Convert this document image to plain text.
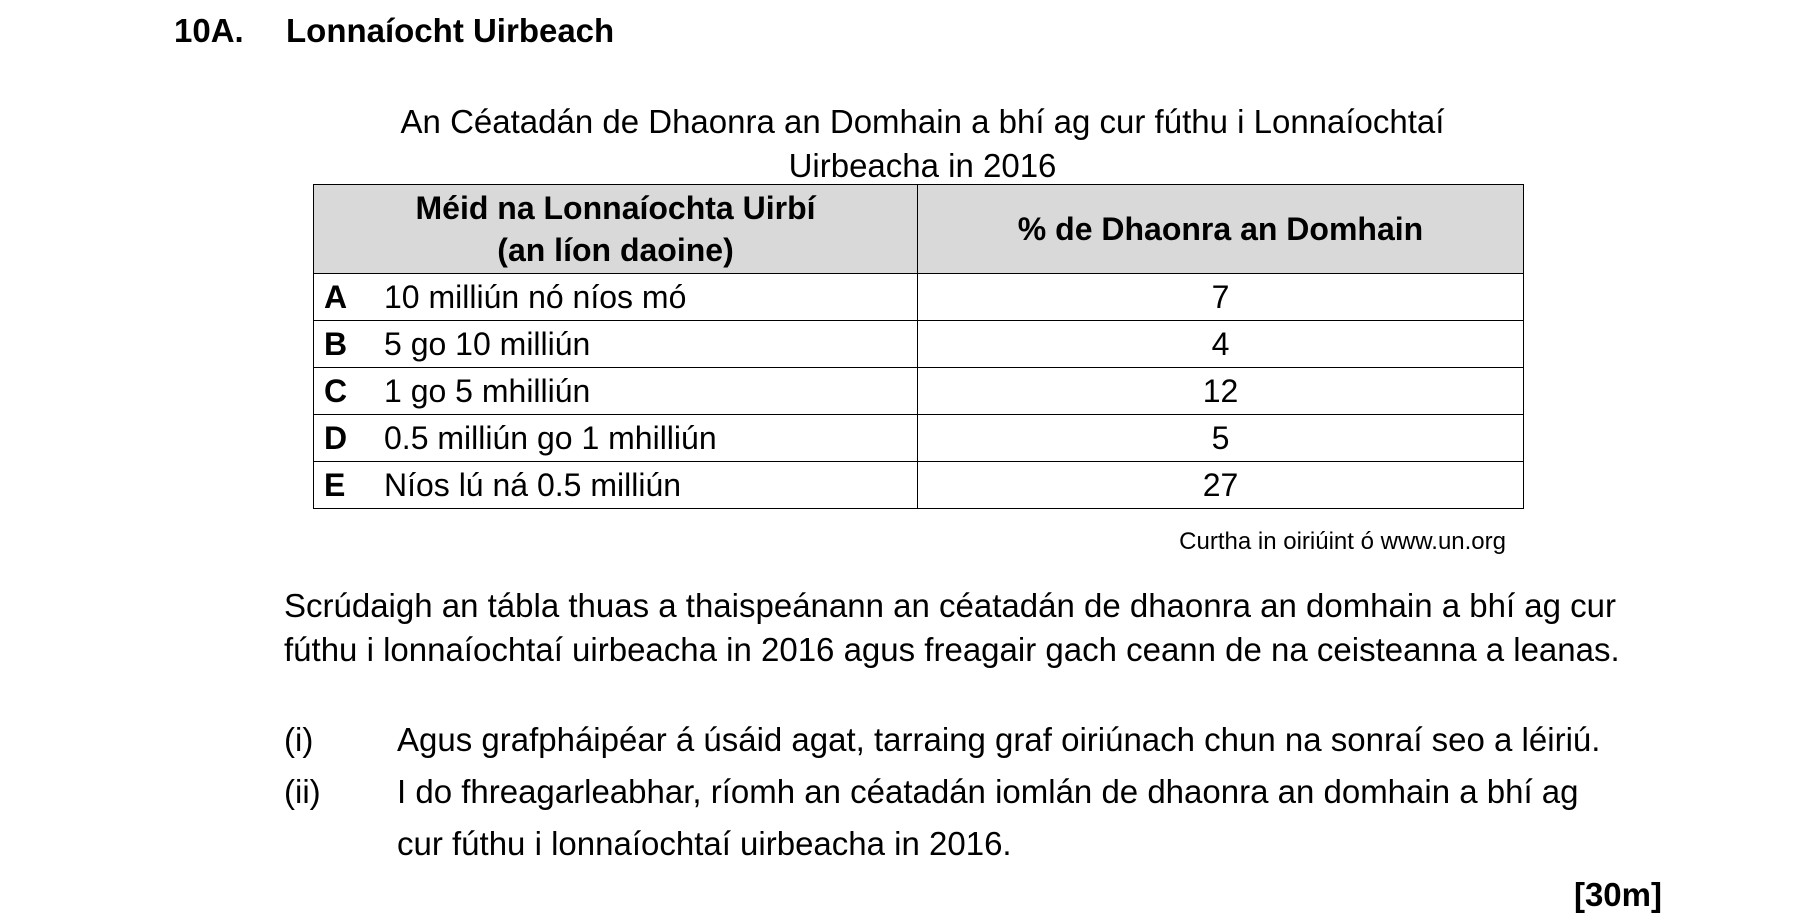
10A. Lonnaíocht Uirbeach
An Céatadán de Dhaonra an Domhain a bhí ag cur fúthu i Lonnaíochtaí
Uirbeacha in 2016
Méid na Lonnaíochta Uirbí
(an líon daoine)	% de Dhaonra an Domhain
A 10 milliún nó níos mó	7
B 5 go 10 milliún	4
C 1 go 5 mhilliún	12
D 0.5 milliún go 1 mhilliún	5
E Níos lú ná 0.5 milliún	27
Curtha in oiriúint ó www.un.org
Scrúdaigh an tábla thuas a thaispeánann an céatadán de dhaonra an domhain a bhí ag cur
fúthu i lonnaíochtaí uirbeacha in 2016 agus freagair gach ceann de na ceisteanna a leanas.
(i)	Agus grafpháipéar á úsáid agat, tarraing graf oiriúnach chun na sonraí seo a léiriú.
(ii) I do fhreagarleabhar, ríomh an céatadán iomlán de dhaonra an domhain a bhí ag
cur fúthu i lonnaíochtaí uirbeacha in 2016.
[30m]
